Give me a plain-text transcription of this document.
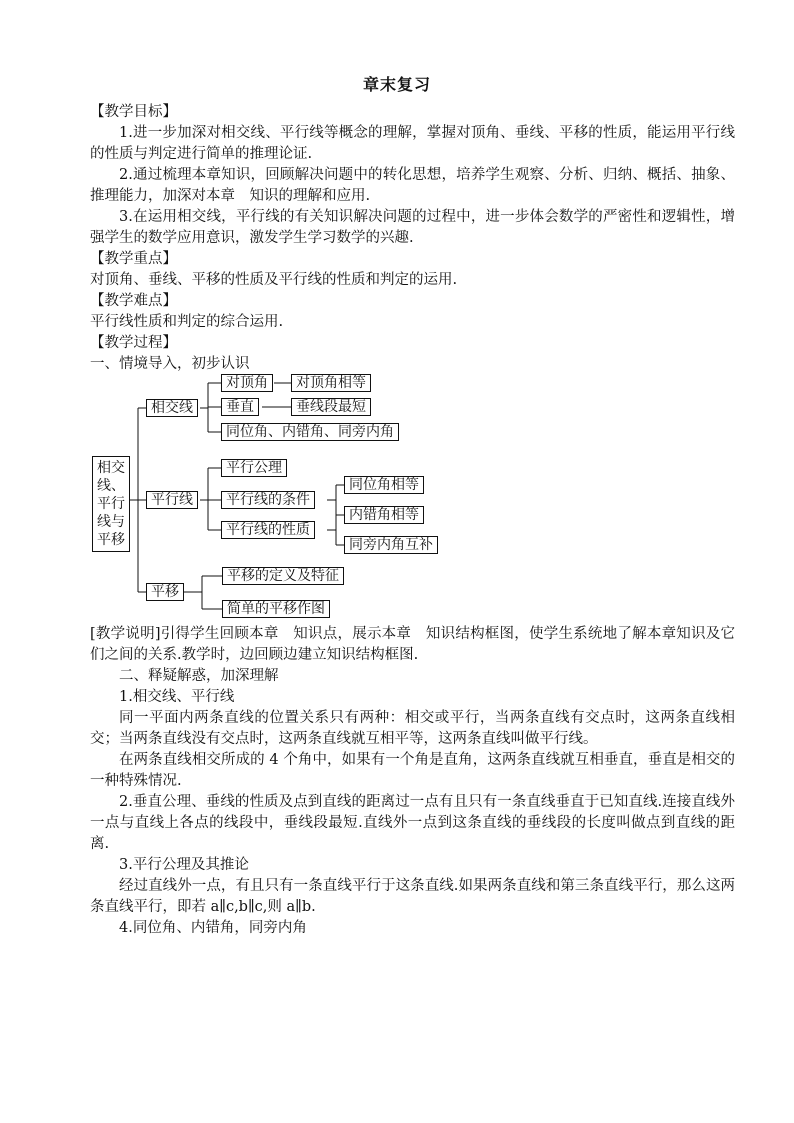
章末复习

【教学目标】

1.进一步加深对相交线、平行线等概念的理解，掌握对顶角、垂线、平移的性质，能运用平行线的性质与判定进行简单的推理论证.

2.通过梳理本章知识，回顾解决问题中的转化思想，培养学生观察、分析、归纳、概括、抽象、推理能力，加深对本章　知识的理解和应用.

3.在运用相交线，平行线的有关知识解决问题的过程中，进一步体会数学的严密性和逻辑性，增强学生的数学应用意识，激发学生学习数学的兴趣.

【教学重点】

对顶角、垂线、平移的性质及平行线的性质和判定的运用.

【教学难点】

平行线性质和判定的综合运用.

【教学过程】

一、情境导入，初步认识

相交线、平行线与平移
相交线
对顶角	对顶角相等
垂直	垂线段最短
同位角、内错角、同旁内角
平行线
平行公理
平行线的条件
平行线的性质
同位角相等
内错角相等
同旁内角互补
平移
平移的定义及特征
简单的平移作图

[教学说明]引得学生回顾本章　知识点，展示本章　知识结构框图，使学生系统地了解本章知识及它们之间的关系.教学时，边回顾边建立知识结构框图.

二、释疑解惑，加深理解

1.相交线、平行线

同一平面内两条直线的位置关系只有两种：相交或平行，当两条直线有交点时，这两条直线相交；当两条直线没有交点时，这两条直线就互相平等，这两条直线叫做平行线。

在两条直线相交所成的 4 个角中，如果有一个角是直角，这两条直线就互相垂直，垂直是相交的一种特殊情况.

2.垂直公理、垂线的性质及点到直线的距离过一点有且只有一条直线垂直于已知直线.连接直线外一点与直线上各点的线段中，垂线段最短.直线外一点到这条直线的垂线段的长度叫做点到直线的距离.

3.平行公理及其推论

经过直线外一点，有且只有一条直线平行于这条直线.如果两条直线和第三条直线平行，那么这两条直线平行，即若 a∥c,b∥c,则 a∥b.

4.同位角、内错角，同旁内角
